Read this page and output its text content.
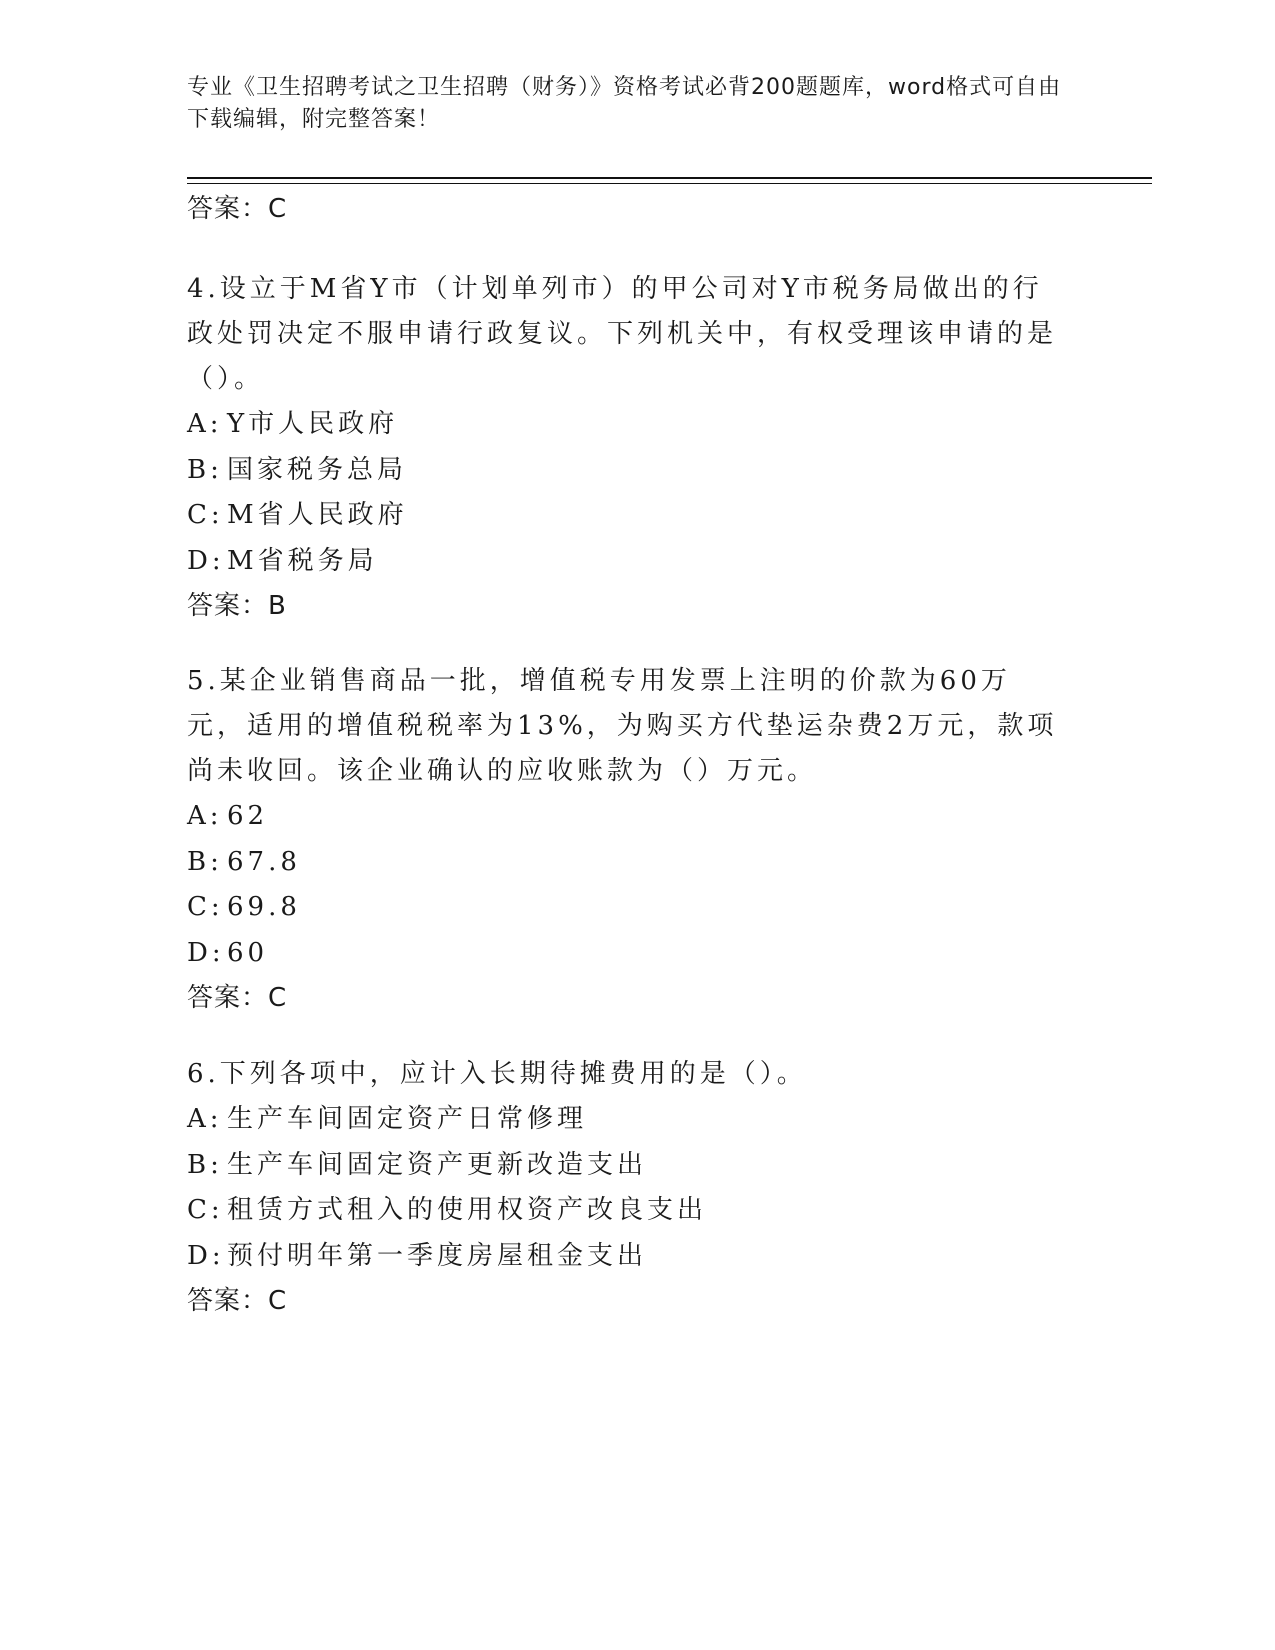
专业《卫生招聘考试之卫生招聘（财务）》资格考试必背200题题库，word格式可自由下载编辑，附完整答案！
答案：C
4.设立于M省Y市（计划单列市）的甲公司对Y市税务局做出的行政处罚决定不服申请行政复议。下列机关中，有权受理该申请的是（）。
A: Y市人民政府
B: 国家税务总局
C: M省人民政府
D:M省税务局
答案：B
5.某企业销售商品一批，增值税专用发票上注明的价款为60万元，适用的增值税税率为13%，为购买方代垫运杂费2万元，款项尚未收回。该企业确认的应收账款为（）万元。
A: 62
B: 67.8
C: 69.8
D:60
答案：C
6.下列各项中，应计入长期待摊费用的是（）。
A: 生产车间固定资产日常修理
B: 生产车间固定资产更新改造支出
C: 租赁方式租入的使用权资产改良支出
D:预付明年第一季度房屋租金支出
答案：C
